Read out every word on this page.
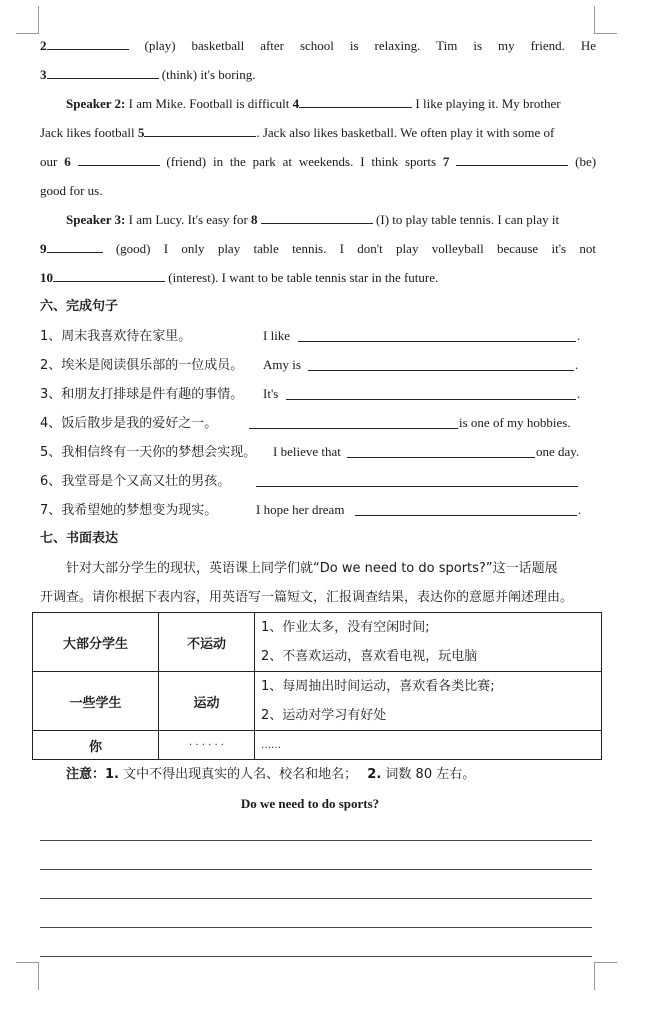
2	(play) basketball after school is relaxing. Tim is my friend. He
3	(think) it's boring.
Speaker 2: I am Mike. Football is difficult 4	I like playing it. My brother
Jack likes football 5	. Jack also likes basketball. We often play it with some of
our 6	(friend) in the park at weekends. I think sports 7	(be)
good for us.
Speaker 3: I am Lucy. It's easy for 8	(I) to play table tennis. I can play it
9	(good) I only play table tennis. I don't play volleyball because it's not
10	(interest). I want to be table tennis star in the future.
六、完成句子
1、周末我喜欢待在家里。	I like	.
2、埃米是阅读俱乐部的一位成员。 Amy is	.
3、和朋友打排球是件有趣的事情。 It's	.
4、饭后散步是我的爱好之一。	is one of my hobbies.
5、我相信终有一天你的梦想会实现。 I believe that	one day.
6、我堂哥是个又高又壮的男孩。
7、我希望她的梦想变为现实。	I hope her dream	.
七、书面表达
针对大部分学生的现状，英语课上同学们就“Do we need to do sports?”这一话题展
开调查。请你根据下表内容，用英语写一篇短文，汇报调查结果，表达你的意愿并阐述理由。
大部分学生	不运动	1、作业太多，没有空闲时间;
2、不喜欢运动，喜欢看电视，玩电脑

一些学生	运动	1、每周抽出时间运动，喜欢看各类比赛;
2、运动对学习有好处

你	· · · · · ·	……
注意：1. 文中不得出现真实的人名、校名和地名； 2. 词数 80 左右。
Do we need to do sports?
